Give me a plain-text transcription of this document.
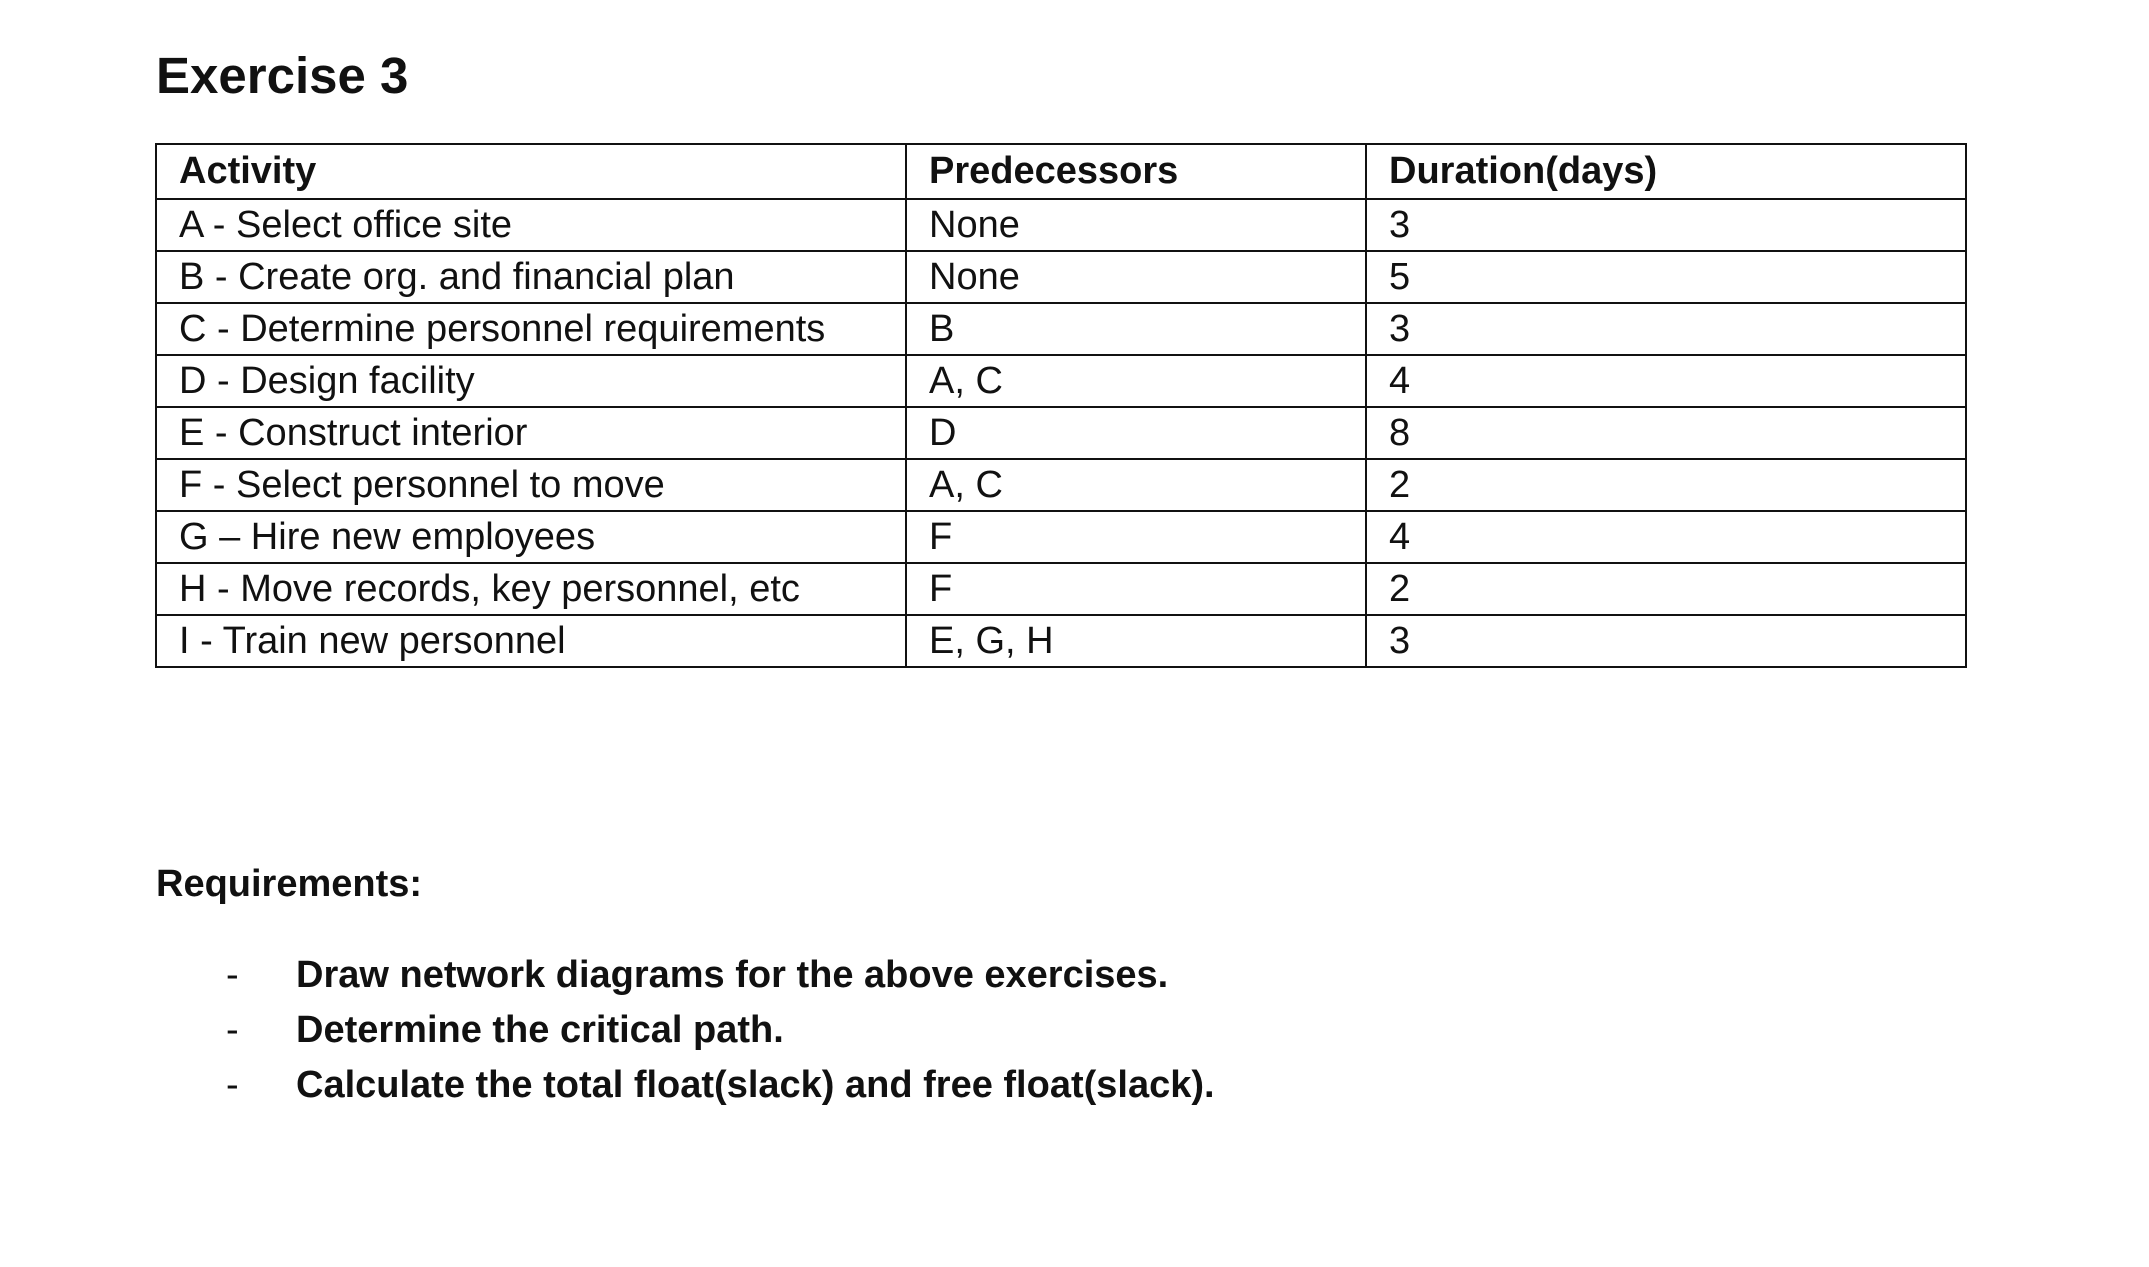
Exercise 3
Activity	Predecessors	Duration(days)
A - Select office site	None	3
B - Create org. and financial plan	None	5
C - Determine personnel requirements	B	3
D - Design facility	A, C	4
E - Construct interior	D	8
F - Select personnel to move	A, C	2
G – Hire new employees	F	4
H - Move records, key personnel, etc	F	2
I - Train new personnel	E, G, H	3
Requirements:
- Draw network diagrams for the above exercises.
- Determine the critical path.
- Calculate the total float(slack) and free float(slack).
